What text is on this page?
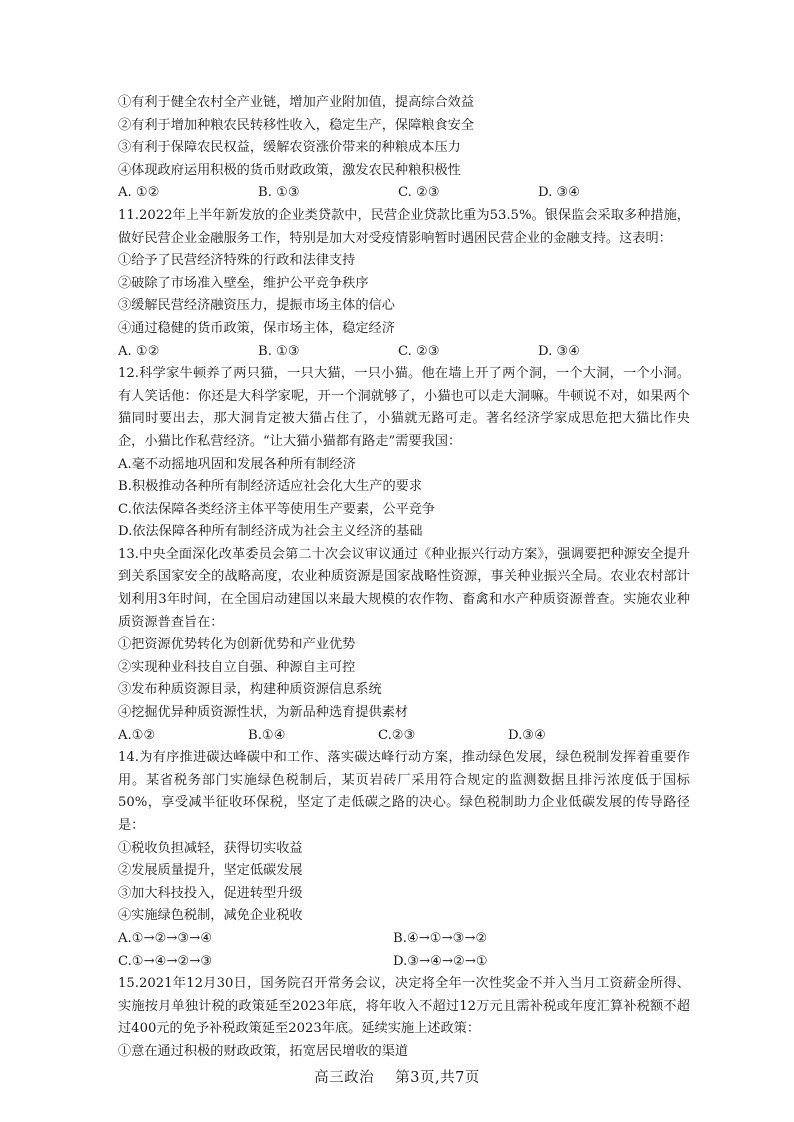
①有利于健全农村全产业链，增加产业附加值，提高综合效益
②有利于增加种粮农民转移性收入，稳定生产，保障粮食安全
③有利于保障农民权益，缓解农资涨价带来的种粮成本压力
④体现政府运用积极的货币财政政策，激发农民种粮积极性
A. ①②	B. ①③	C. ②③	D. ③④
11.2022年上半年新发放的企业类贷款中，民营企业贷款比重为53.5%。银保监会采取多种措施，做好民营企业金融服务工作，特别是加大对受疫情影响暂时遇困民营企业的金融支持。这表明：
①给予了民营经济特殊的行政和法律支持
②破除了市场准入壁垒，维护公平竞争秩序
③缓解民营经济融资压力，提振市场主体的信心
④通过稳健的货币政策，保市场主体，稳定经济
A. ①②	B. ①③	C. ②③	D. ③④
12.科学家牛顿养了两只猫，一只大猫，一只小猫。他在墙上开了两个洞，一个大洞，一个小洞。有人笑话他：你还是大科学家呢，开一个洞就够了，小猫也可以走大洞嘛。牛顿说不对，如果两个猫同时要出去，那大洞肯定被大猫占住了，小猫就无路可走。著名经济学家成思危把大猫比作央企，小猫比作私营经济。“让大猫小猫都有路走”需要我国：
A.毫不动摇地巩固和发展各种所有制经济
B.积极推动各种所有制经济适应社会化大生产的要求
C.依法保障各类经济主体平等使用生产要素，公平竞争
D.依法保障各种所有制经济成为社会主义经济的基础
13.中央全面深化改革委员会第二十次会议审议通过《种业振兴行动方案》，强调要把种源安全提升到关系国家安全的战略高度，农业种质资源是国家战略性资源，事关种业振兴全局。农业农村部计划利用3年时间，在全国启动建国以来最大规模的农作物、畜禽和水产种质资源普查。实施农业种质资源普查旨在：
①把资源优势转化为创新优势和产业优势
②实现种业科技自立自强、种源自主可控
③发布种质资源目录，构建种质资源信息系统
④挖掘优异种质资源性状，为新品种选育提供素材
A.①②	B.①④	C.②③	D.③④
14.为有序推进碳达峰碳中和工作、落实碳达峰行动方案，推动绿色发展，绿色税制发挥着重要作用。某省税务部门实施绿色税制后，某页岩砖厂采用符合规定的监测数据且排污浓度低于国标50%，享受减半征收环保税，坚定了走低碳之路的决心。绿色税制助力企业低碳发展的传导路径是：
①税收负担减轻，获得切实收益
②发展质量提升，坚定低碳发展
③加大科技投入，促进转型升级
④实施绿色税制，减免企业税收
A.①→②→③→④	B.④→①→③→②
C.①→④→②→③	D.③→④→②→①
15.2021年12月30日，国务院召开常务会议，决定将全年一次性奖金不并入当月工资薪金所得、实施按月单独计税的政策延至2023年底，将年收入不超过12万元且需补税或年度汇算补税额不超过400元的免予补税政策延至2023年底。延续实施上述政策：
①意在通过积极的财政政策，拓宽居民增收的渠道
高三政治 第3页,共7页
